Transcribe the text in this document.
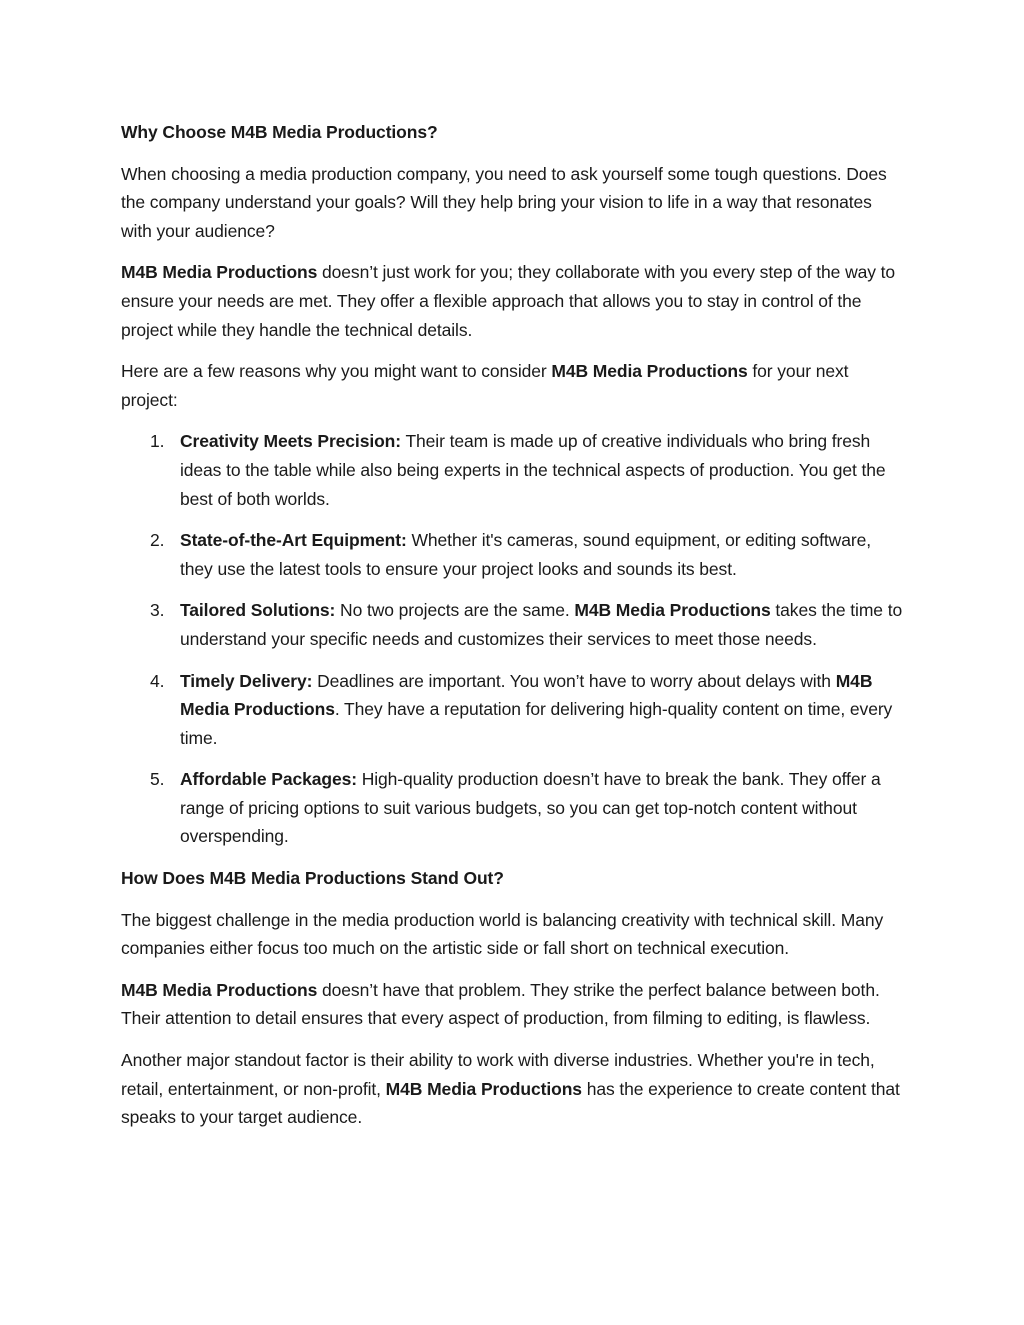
Why Choose M4B Media Productions?

When choosing a media production company, you need to ask yourself some tough questions. Does the company understand your goals? Will they help bring your vision to life in a way that resonates with your audience?

M4B Media Productions doesn’t just work for you; they collaborate with you every step of the way to ensure your needs are met. They offer a flexible approach that allows you to stay in control of the project while they handle the technical details.

Here are a few reasons why you might want to consider M4B Media Productions for your next project:

1. Creativity Meets Precision: Their team is made up of creative individuals who bring fresh ideas to the table while also being experts in the technical aspects of production. You get the best of both worlds.
2. State-of-the-Art Equipment: Whether it's cameras, sound equipment, or editing software, they use the latest tools to ensure your project looks and sounds its best.
3. Tailored Solutions: No two projects are the same. M4B Media Productions takes the time to understand your specific needs and customizes their services to meet those needs.
4. Timely Delivery: Deadlines are important. You won’t have to worry about delays with M4B Media Productions. They have a reputation for delivering high-quality content on time, every time.
5. Affordable Packages: High-quality production doesn’t have to break the bank. They offer a range of pricing options to suit various budgets, so you can get top-notch content without overspending.
How Does M4B Media Productions Stand Out?

The biggest challenge in the media production world is balancing creativity with technical skill. Many companies either focus too much on the artistic side or fall short on technical execution.

M4B Media Productions doesn’t have that problem. They strike the perfect balance between both. Their attention to detail ensures that every aspect of production, from filming to editing, is flawless.

Another major standout factor is their ability to work with diverse industries. Whether you're in tech, retail, entertainment, or non-profit, M4B Media Productions has the experience to create content that speaks to your target audience.
